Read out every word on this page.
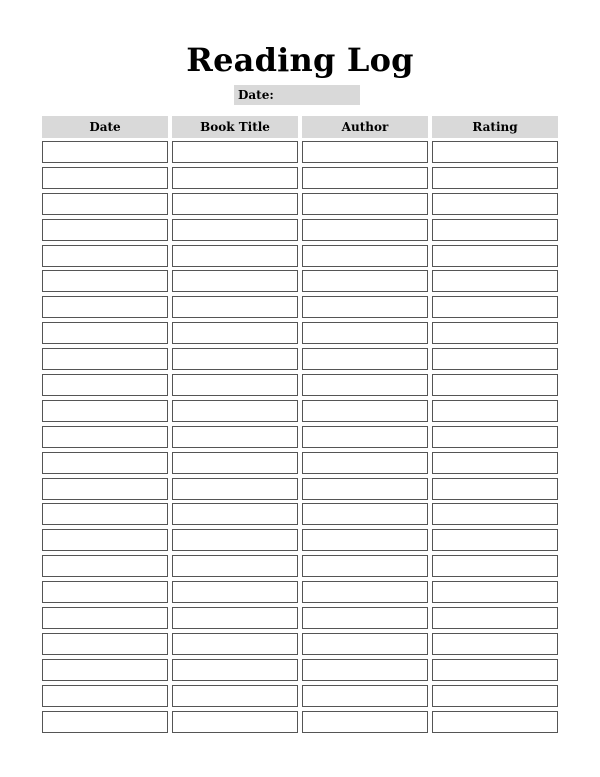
Reading Log
Date:
Date	Book Title	Author	Rating
